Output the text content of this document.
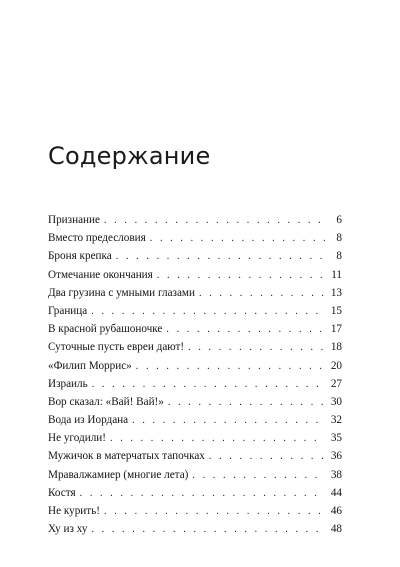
Содержание
Признание . . .	6
Вместо предесловия . . .	8
Броня крепка . . .	8
Отмечание окончания . . .	11
Два грузина с умными глазами . . .	13
Граница . . .	15
В красной рубашоночке . . .	17
Суточные пусть евреи дают! . . .	18
«Филип Моррис» . . .	20
Израиль . . .	27
Вор сказал: «Вай! Вай!» . . .	30
Вода из Иордана . . .	32
Не угодили! . . .	35
Мужичок в матерчатых тапочках . . .	36
Мравалжамиер (многие лета) . . .	38
Костя . . .	44
Не курить! . . .	46
Ху из ху . . .	48
